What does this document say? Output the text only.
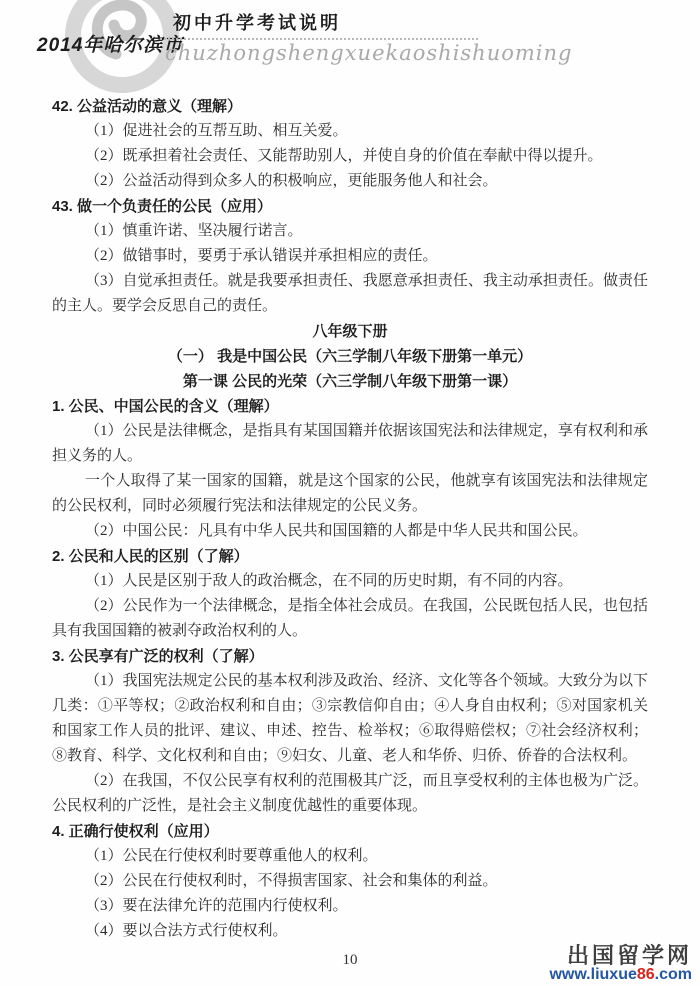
2014年哈尔滨市
初中升学考试说明
chuzhongshengxuekaoshishuoming

42. 公益活动的意义（理解）

（1）促进社会的互帮互助、相互关爱。

（2）既承担着社会责任、又能帮助别人，并使自身的价值在奉献中得以提升。

（2）公益活动得到众多人的积极响应，更能服务他人和社会。

43. 做一个负责任的公民（应用）

（1）慎重许诺、坚决履行诺言。

（2）做错事时，要勇于承认错误并承担相应的责任。

（3）自觉承担责任。就是我要承担责任、我愿意承担责任、我主动承担责任。做责任的主人。要学会反思自己的责任。

八年级下册

（一） 我是中国公民（六三学制八年级下册第一单元）

第一课 公民的光荣（六三学制八年级下册第一课）

1. 公民、中国公民的含义（理解）

（1）公民是法律概念，是指具有某国国籍并依据该国宪法和法律规定，享有权利和承担义务的人。

一个人取得了某一国家的国籍，就是这个国家的公民，他就享有该国宪法和法律规定的公民权利，同时必须履行宪法和法律规定的公民义务。

（2）中国公民：凡具有中华人民共和国国籍的人都是中华人民共和国公民。

2. 公民和人民的区别（了解）

（1）人民是区别于敌人的政治概念，在不同的历史时期，有不同的内容。

（2）公民作为一个法律概念，是指全体社会成员。在我国，公民既包括人民，也包括具有我国国籍的被剥夺政治权利的人。

3. 公民享有广泛的权利（了解）

（1）我国宪法规定公民的基本权利涉及政治、经济、文化等各个领域。大致分为以下几类：①平等权；②政治权利和自由；③宗教信仰自由；④人身自由权利；⑤对国家机关和国家工作人员的批评、建议、申述、控告、检举权；⑥取得赔偿权；⑦社会经济权利；⑧教育、科学、文化权利和自由；⑨妇女、儿童、老人和华侨、归侨、侨眷的合法权利。

（2）在我国，不仅公民享有权利的范围极其广泛，而且享受权利的主体也极为广泛。公民权利的广泛性，是社会主义制度优越性的重要体现。

4. 正确行使权利（应用）

（1）公民在行使权利时要尊重他人的权利。

（2）公民在行使权利时，不得损害国家、社会和集体的利益。

（3）要在法律允许的范围内行使权利。

（4）要以合法方式行使权利。

10	出国留学网
www.liuxue86.com
